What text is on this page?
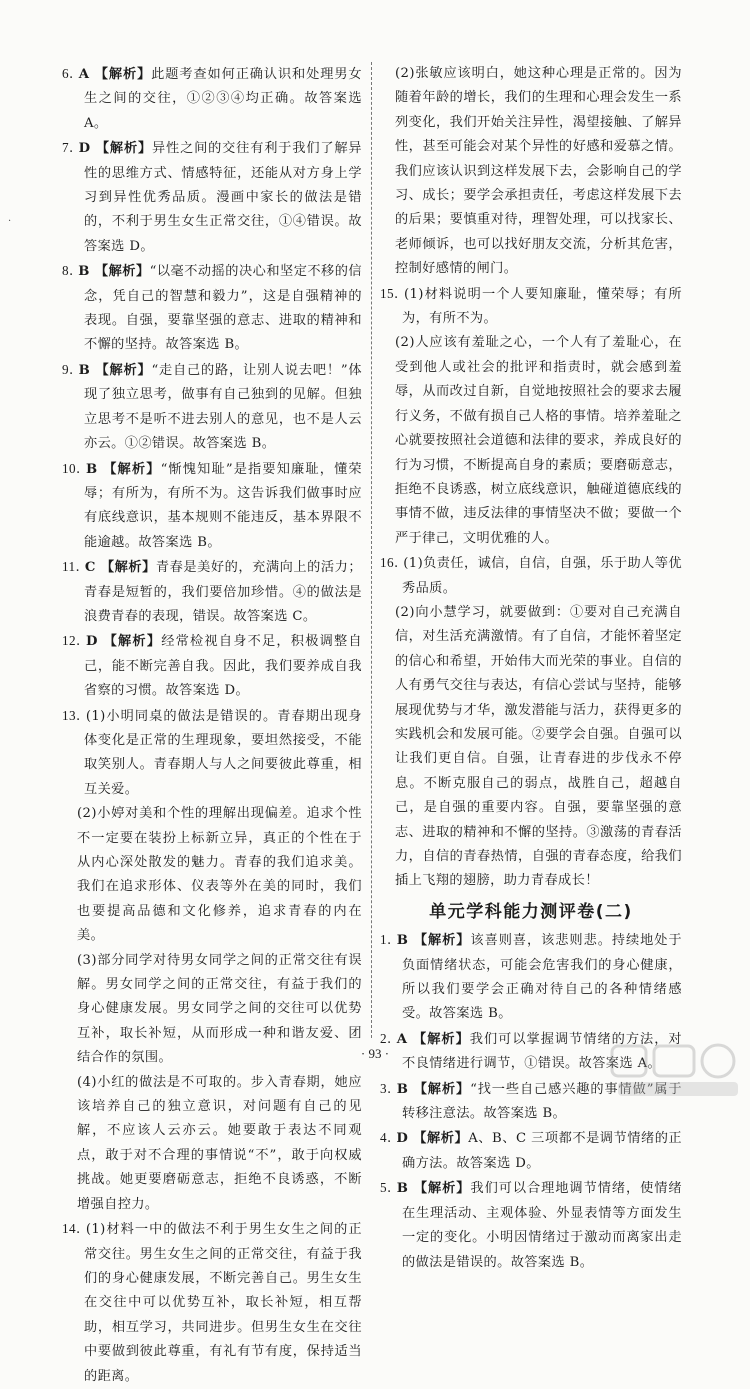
·
6. A 【解析】此题考查如何正确认识和处理男女生之间的交往，①②③④均正确。故答案选 A。
7. D 【解析】异性之间的交往有利于我们了解异性的思维方式、情感特征，还能从对方身上学习到异性优秀品质。漫画中家长的做法是错的，不利于男生女生正常交往，①④错误。故答案选 D。
8. B 【解析】“以毫不动摇的决心和坚定不移的信念，凭自己的智慧和毅力”，这是自强精神的表现。自强，要靠坚强的意志、进取的精神和不懈的坚持。故答案选 B。
9. B 【解析】“走自己的路，让别人说去吧！”体现了独立思考，做事有自己独到的见解。但独立思考不是听不进去别人的意见，也不是人云亦云。①②错误。故答案选 B。
10. B 【解析】“惭愧知耻”是指要知廉耻，懂荣辱；有所为，有所不为。这告诉我们做事时应有底线意识，基本规则不能违反，基本界限不能逾越。故答案选 B。
11. C 【解析】青春是美好的，充满向上的活力；青春是短暂的，我们要倍加珍惜。④的做法是浪费青春的表现，错误。故答案选 C。
12. D 【解析】经常检视自身不足，积极调整自己，能不断完善自我。因此，我们要养成自我省察的习惯。故答案选 D。
13. (1)小明同桌的做法是错误的。青春期出现身体变化是正常的生理现象，要坦然接受，不能取笑别人。青春期人与人之间要彼此尊重，相互关爱。
(2)小婷对美和个性的理解出现偏差。追求个性不一定要在装扮上标新立异，真正的个性在于从内心深处散发的魅力。青春的我们追求美。我们在追求形体、仪表等外在美的同时，我们也要提高品德和文化修养，追求青春的内在美。
(3)部分同学对待男女同学之间的正常交往有误解。男女同学之间的正常交往，有益于我们的身心健康发展。男女同学之间的交往可以优势互补，取长补短，从而形成一种和谐友爱、团结合作的氛围。
(4)小红的做法是不可取的。步入青春期，她应该培养自己的独立意识，对问题有自己的见解，不应该人云亦云。她要敢于表达不同观点，敢于对不合理的事情说“不”，敢于向权威挑战。她更要磨砺意志，拒绝不良诱惑，不断增强自控力。
14. (1)材料一中的做法不利于男生女生之间的正常交往。男生女生之间的正常交往，有益于我们的身心健康发展，不断完善自己。男生女生在交往中可以优势互补，取长补短，相互帮助，相互学习，共同进步。但男生女生在交往中要做到彼此尊重，有礼有节有度，保持适当的距离。
(2)张敏应该明白，她这种心理是正常的。因为随着年龄的增长，我们的生理和心理会发生一系列变化，我们开始关注异性，渴望接触、了解异性，甚至可能会对某个异性的好感和爱慕之情。我们应该认识到这样发展下去，会影响自己的学习、成长；要学会承担责任，考虑这样发展下去的后果；要慎重对待，理智处理，可以找家长、老师倾诉，也可以找好朋友交流，分析其危害，控制好感情的闸门。
15. (1)材料说明一个人要知廉耻，懂荣辱；有所为，有所不为。
(2)人应该有羞耻之心，一个人有了羞耻心，在受到他人或社会的批评和指责时，就会感到羞辱，从而改过自新，自觉地按照社会的要求去履行义务，不做有损自己人格的事情。培养羞耻之心就要按照社会道德和法律的要求，养成良好的行为习惯，不断提高自身的素质；要磨砺意志，拒绝不良诱惑，树立底线意识，触碰道德底线的事情不做，违反法律的事情坚决不做；要做一个严于律己，文明优雅的人。
16. (1)负责任，诚信，自信，自强，乐于助人等优秀品质。
(2)向小慧学习，就要做到：①要对自己充满自信，对生活充满激情。有了自信，才能怀着坚定的信心和希望，开始伟大而光荣的事业。自信的人有勇气交往与表达，有信心尝试与坚持，能够展现优势与才华，激发潜能与活力，获得更多的实践机会和发展可能。②要学会自强。自强可以让我们更自信。自强，让青春进的步伐永不停息。不断克服自己的弱点，战胜自己，超越自己，是自强的重要内容。自强，要靠坚强的意志、进取的精神和不懈的坚持。③激荡的青春活力，自信的青春热情，自强的青春态度，给我们插上飞翔的翅膀，助力青春成长！
单元学科能力测评卷(二)
1. B 【解析】该喜则喜，该悲则悲。持续地处于负面情绪状态，可能会危害我们的身心健康，所以我们要学会正确对待自己的各种情绪感受。故答案选 B。
2. A 【解析】我们可以掌握调节情绪的方法，对不良情绪进行调节，①错误。故答案选 A。
3. B 【解析】“找一些自己感兴趣的事情做”属于转移注意法。故答案选 B。
4. D 【解析】A、B、C 三项都不是调节情绪的正确方法。故答案选 D。
5. B 【解析】我们可以合理地调节情绪，使情绪在生理活动、主观体验、外显表情等方面发生一定的变化。小明因情绪过于激动而离家出走的做法是错误的。故答案选 B。
· 93 ·
